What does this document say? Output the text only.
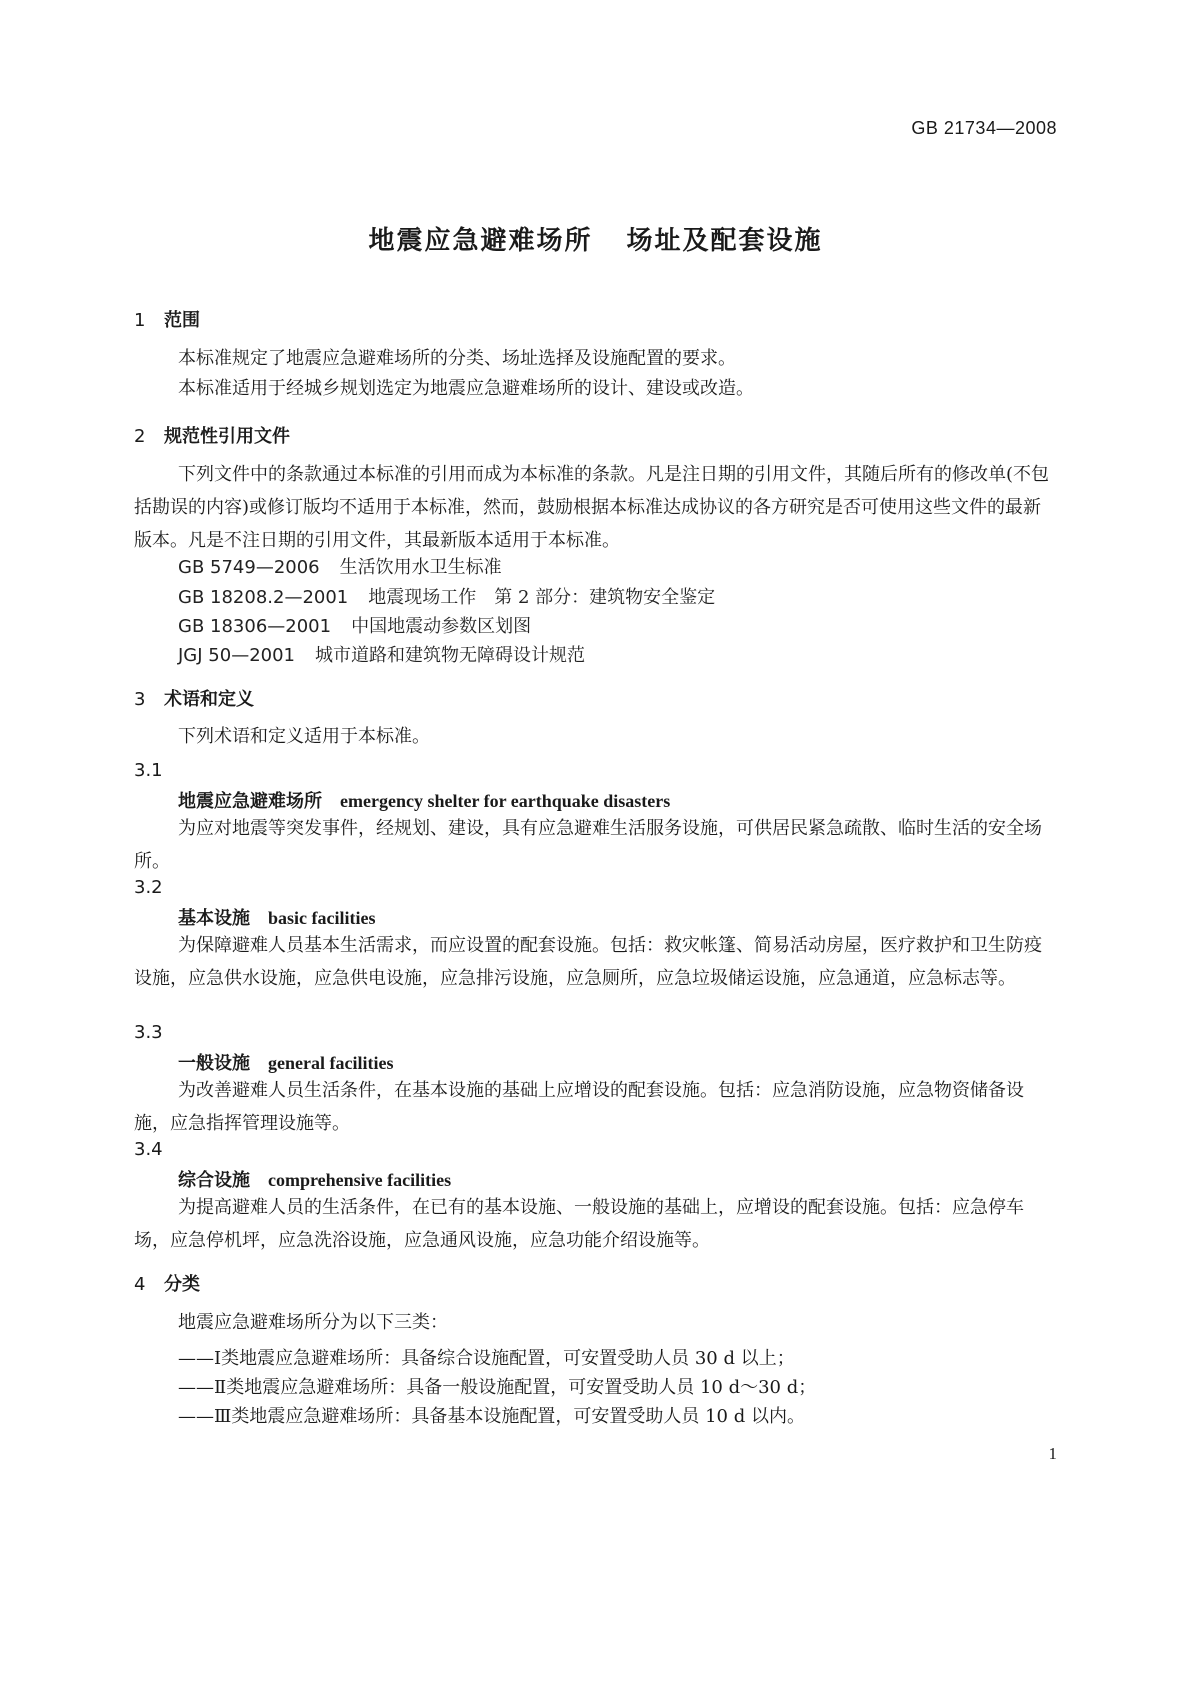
GB 21734—2008
地震应急避难场所 场址及配套设施
1 范围
本标准规定了地震应急避难场所的分类、场址选择及设施配置的要求。
本标准适用于经城乡规划选定为地震应急避难场所的设计、建设或改造。
2 规范性引用文件
下列文件中的条款通过本标准的引用而成为本标准的条款。凡是注日期的引用文件，其随后所有的修改单(不包括勘误的内容)或修订版均不适用于本标准，然而，鼓励根据本标准达成协议的各方研究是否可使用这些文件的最新版本。凡是不注日期的引用文件，其最新版本适用于本标准。
GB 5749—2006 生活饮用水卫生标准
GB 18208.2—2001 地震现场工作　第 2 部分：建筑物安全鉴定
GB 18306—2001 中国地震动参数区划图
JGJ 50—2001 城市道路和建筑物无障碍设计规范
3 术语和定义
下列术语和定义适用于本标准。
3.1
地震应急避难场所 emergency shelter for earthquake disasters
为应对地震等突发事件，经规划、建设，具有应急避难生活服务设施，可供居民紧急疏散、临时生活的安全场所。
3.2
基本设施 basic facilities
为保障避难人员基本生活需求，而应设置的配套设施。包括：救灾帐篷、简易活动房屋，医疗救护和卫生防疫设施，应急供水设施，应急供电设施，应急排污设施，应急厕所，应急垃圾储运设施，应急通道，应急标志等。
3.3
一般设施 general facilities
为改善避难人员生活条件，在基本设施的基础上应增设的配套设施。包括：应急消防设施，应急物资储备设施，应急指挥管理设施等。
3.4
综合设施 comprehensive facilities
为提高避难人员的生活条件，在已有的基本设施、一般设施的基础上，应增设的配套设施。包括：应急停车场，应急停机坪，应急洗浴设施，应急通风设施，应急功能介绍设施等。
4 分类
地震应急避难场所分为以下三类：
——Ⅰ类地震应急避难场所：具备综合设施配置，可安置受助人员 30 d 以上；
——Ⅱ类地震应急避难场所：具备一般设施配置，可安置受助人员 10 d～30 d；
——Ⅲ类地震应急避难场所：具备基本设施配置，可安置受助人员 10 d 以内。
1
